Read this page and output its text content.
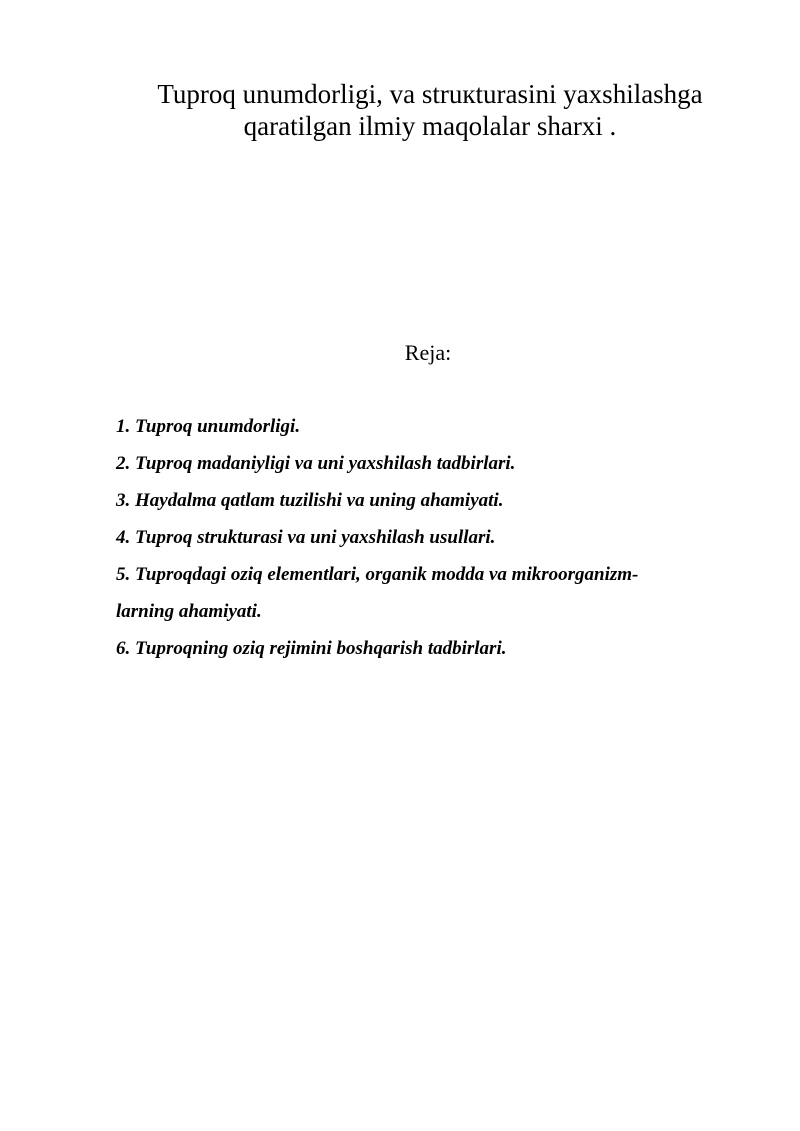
Tuproq unumdorligi, va struкturasini yaxshilashga
qaratilgan ilmiy maqolalar sharxi .

Reja:

1. Tuproq unumdorligi.
2. Tuproq madaniyligi va uni yaxshilash tadbirlari.
3. Haydalma qatlam tuzilishi va uning ahamiyati.
4. Tuproq strukturasi va uni yaxshilash usullari.
5. Tuproqdagi oziq elementlari, organik modda va mikroorganizm-
larning ahamiyati.
6. Tuproqning oziq rejimini boshqarish tadbirlari.
